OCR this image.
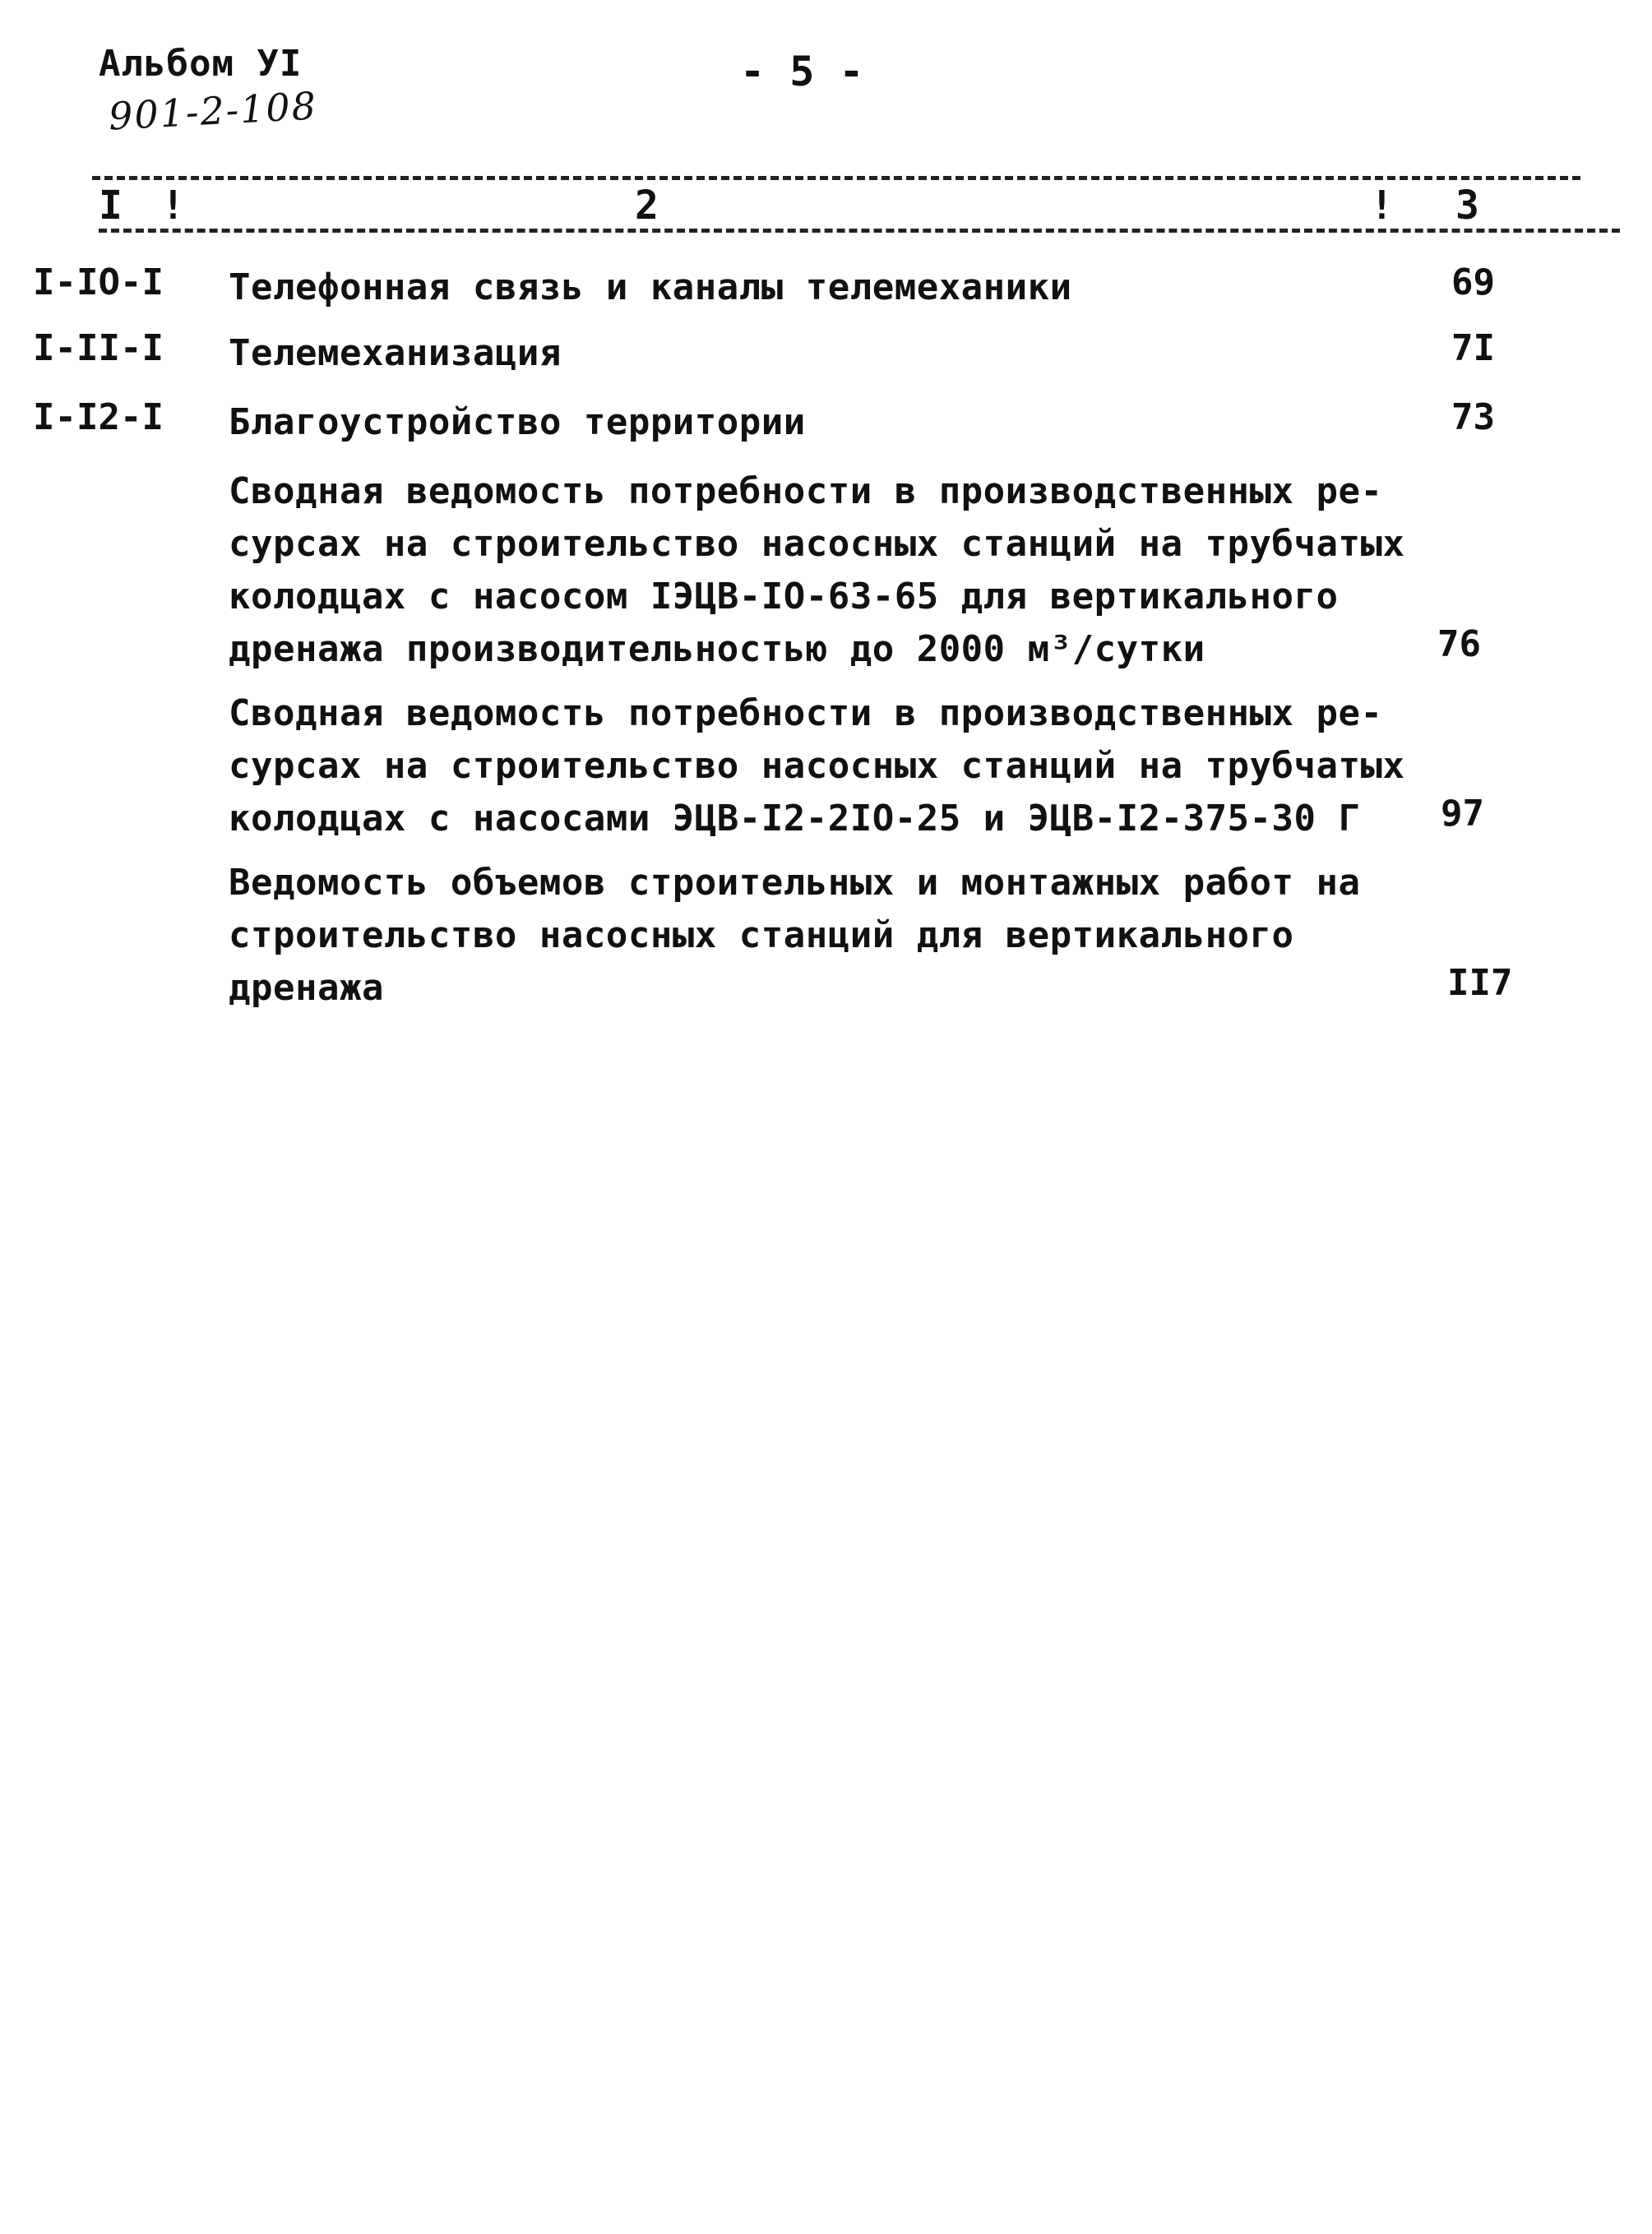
Альбом УI
901-2-108
- 5 -
I !	2	! 3
I-IO-I Телефонная связь и каналы телемеханики	69
I-II-I Телемеханизация	7I
I-I2-I Благоустройство территории	73
Сводная ведомость потребности в производственных ре-
сурсах на строительство насосных станций на трубчатых
колодцах с насосом IЭЦВ-IO-63-65 для вертикального
дренажа производительностью до 2000 м³/сутки	76
Сводная ведомость потребности в производственных ре-
сурсах на строительство насосных станций на трубчатых
колодцах с насосами ЭЦВ-I2-2IO-25 и ЭЦВ-I2-375-30 Г	97
Ведомость объемов строительных и монтажных работ на
строительство насосных станций для вертикального
дренажа	II7
